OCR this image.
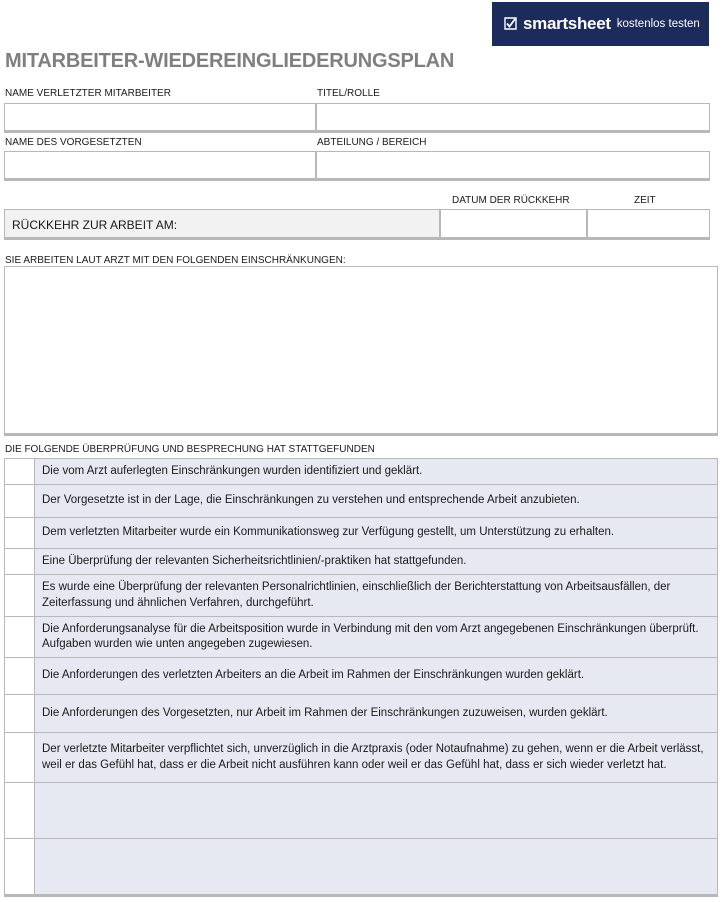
smartsheet kostenlos testen
MITARBEITER-WIEDEREINGLIEDERUNGSPLAN
NAME VERLETZTER MITARBEITER	TITEL/ROLLE
NAME DES VORGESETZTEN	ABTEILUNG / BEREICH
DATUM DER RÜCKKEHR	ZEIT
RÜCKKEHR ZUR ARBEIT AM:
SIE ARBEITEN LAUT ARZT MIT DEN FOLGENDEN EINSCHRÄNKUNGEN:
DIE FOLGENDE ÜBERPRÜFUNG UND BESPRECHUNG HAT STATTGEFUNDEN
Die vom Arzt auferlegten Einschränkungen wurden identifiziert und geklärt.
Der Vorgesetzte ist in der Lage, die Einschränkungen zu verstehen und entsprechende Arbeit anzubieten.
Dem verletzten Mitarbeiter wurde ein Kommunikationsweg zur Verfügung gestellt, um Unterstützung zu erhalten.
Eine Überprüfung der relevanten Sicherheitsrichtlinien/-praktiken hat stattgefunden.
Es wurde eine Überprüfung der relevanten Personalrichtlinien, einschließlich der Berichterstattung von Arbeitsausfällen, der Zeiterfassung und ähnlichen Verfahren, durchgeführt.
Die Anforderungsanalyse für die Arbeitsposition wurde in Verbindung mit den vom Arzt angegebenen Einschränkungen überprüft. Aufgaben wurden wie unten angegeben zugewiesen.
Die Anforderungen des verletzten Arbeiters an die Arbeit im Rahmen der Einschränkungen wurden geklärt.
Die Anforderungen des Vorgesetzten, nur Arbeit im Rahmen der Einschränkungen zuzuweisen, wurden geklärt.
Der verletzte Mitarbeiter verpflichtet sich, unverzüglich in die Arztpraxis (oder Notaufnahme) zu gehen, wenn er die Arbeit verlässt, weil er das Gefühl hat, dass er die Arbeit nicht ausführen kann oder weil er das Gefühl hat, dass er sich wieder verletzt hat.
